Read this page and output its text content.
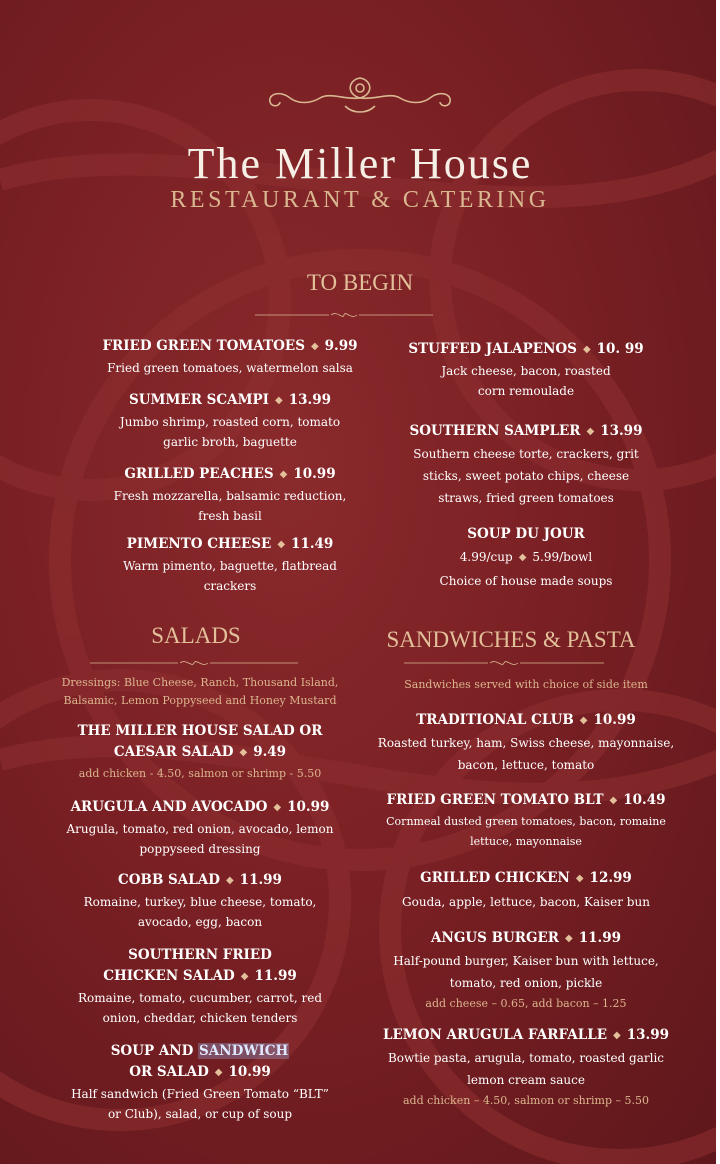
The Miller House
RESTAURANT & CATERING
TO BEGIN
FRIED GREEN TOMATOES ◆ 9.99
Fried green tomatoes, watermelon salsa
SUMMER SCAMPI ◆ 13.99
Jumbo shrimp, roasted corn, tomato
garlic broth, baguette
GRILLED PEACHES ◆ 10.99
Fresh mozzarella, balsamic reduction,
fresh basil
PIMENTO CHEESE ◆ 11.49
Warm pimento, baguette, flatbread
crackers
STUFFED JALAPENOS ◆ 10. 99
Jack cheese, bacon, roasted
corn remoulade
SOUTHERN SAMPLER ◆ 13.99
Southern cheese torte, crackers, grit
sticks, sweet potato chips, cheese
straws, fried green tomatoes
SOUP DU JOUR
4.99/cup ◆ 5.99/bowl
Choice of house made soups
SALADS
Dressings: Blue Cheese, Ranch, Thousand Island,
Balsamic, Lemon Poppyseed and Honey Mustard
THE MILLER HOUSE SALAD OR
CAESAR SALAD ◆ 9.49
add chicken - 4.50, salmon or shrimp - 5.50
ARUGULA AND AVOCADO ◆ 10.99
Arugula, tomato, red onion, avocado, lemon
poppyseed dressing
COBB SALAD ◆ 11.99
Romaine, turkey, blue cheese, tomato,
avocado, egg, bacon
SOUTHERN FRIED
CHICKEN SALAD ◆ 11.99
Romaine, tomato, cucumber, carrot, red
onion, cheddar, chicken tenders
SOUP AND SANDWICH
OR SALAD ◆ 10.99
Half sandwich (Fried Green Tomato “BLT”
or Club), salad, or cup of soup
SANDWICHES & PASTA
Sandwiches served with choice of side item
TRADITIONAL CLUB ◆ 10.99
Roasted turkey, ham, Swiss cheese, mayonnaise,
bacon, lettuce, tomato
FRIED GREEN TOMATO BLT ◆ 10.49
Cornmeal dusted green tomatoes, bacon, romaine
lettuce, mayonnaise
GRILLED CHICKEN ◆ 12.99
Gouda, apple, lettuce, bacon, Kaiser bun
ANGUS BURGER ◆ 11.99
Half-pound burger, Kaiser bun with lettuce,
tomato, red onion, pickle
add cheese – 0.65, add bacon – 1.25
LEMON ARUGULA FARFALLE ◆ 13.99
Bowtie pasta, arugula, tomato, roasted garlic
lemon cream sauce
add chicken – 4.50, salmon or shrimp – 5.50
